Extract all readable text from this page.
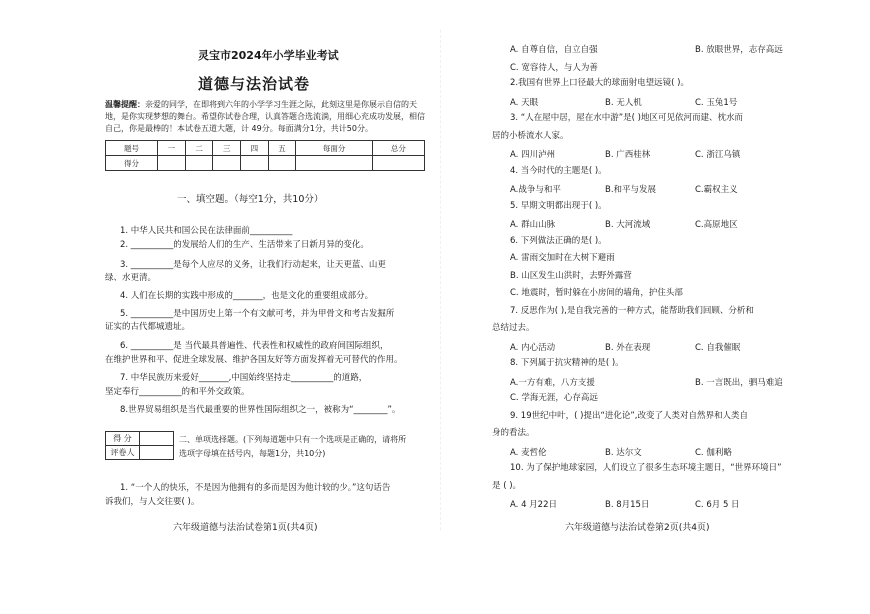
灵宝市2024年小学毕业考试
道德与法治试卷
温馨提醒：亲爱的同学，在即将到六年的小学学习生涯之际，此刻这里是你展示自信的天地，是你实现梦想的舞台。希望你试卷合理，认真答题合选流淌，用细心充成功发展，相信自己，你是最棒的！本试卷五道大题，计 49分。每面满分1分，共计50分。
题号	一	二	三	四	五	每面分	总分
得分							
一、填空题。（每空1分，共10分）
1. 中华人民共和国公民在法律面前__________
2. __________的发展给人们的生产、生活带来了日新月异的变化。
3. __________是每个人应尽的义务，让我们行动起来，让天更蓝、山更
绿、水更清。
4. 人们在长期的实践中形成的_______，也是文化的重要组成部分。
5. __________是中国历史上第一个有文献可考，并为甲骨文和考古发掘所
证实的古代都城遗址。
6. __________是 当代最具普遍性、代表性和权威性的政府间国际组织，
在维护世界和平、促进全球发展、维护各国友好等方面发挥着无可替代的作用。
7. 中华民族历来爱好_______,中国始终坚持走__________的道路，
坚定奉行__________的和平外交政策。
8.世界贸易组织是当代最重要的世界性国际组织之一，被称为“________”。
得 分	
评卷人	
二、单项选择题。(下列每道题中只有一个选项是正确的，请将所
选项字母填在括号内，每题1分，共10分)
1. “一个人的快乐，不是因为他拥有的多而是因为他计较的少。”这句话告
诉我们，与人交往要( )。
六年级道德与法治试卷第1页(共4页)
A. 自尊自信，自立自强	B. 放眼世界，志存高远
C. 宽容待人，与人为善
2.我国有世界上口径最大的球面射电望远镜( )。
A. 天眼	B. 无人机	C. 玉兔1号
3. “人在屋中居，屋在水中游”是( )地区可见依河而建、枕水而
居的小桥流水人家。
A. 四川泸州	B. 广西桂林	C. 浙江乌镇
4. 当今时代的主题是( )。
A.战争与和平	B.和平与发展	C.霸权主义
5. 早期文明都出现于( )。
A. 群山山脉	B. 大河流域	C.高原地区
6. 下列做法正确的是( )。
A. 雷雨交加时在大树下避雨
B. 山区发生山洪时，去野外露营
C. 地震时，暂时躲在小房间的墙角，护住头部
7. 反思作为( ),是自我完善的一种方式，能帮助我们回顾、分析和
总结过去。
A. 内心活动	B. 外在表现	C. 自我催眠
8. 下列属于抗灾精神的是( )。
A.一方有难，八方支援	B. 一言既出，驷马难追
C. 学海无涯，心存高远
9. 19世纪中叶，( )提出“进化论”,改变了人类对自然界和人类自
身的看法。
A. 麦哲伦	B. 达尔文	C. 伽利略
10. 为了保护地球家园，人们设立了很多生态环境主题日，“世界环境日”
是 ( )。
A. 4 月22日	B. 8月15日	C. 6月 5 日
六年级道德与法治试卷第2页(共4页)
